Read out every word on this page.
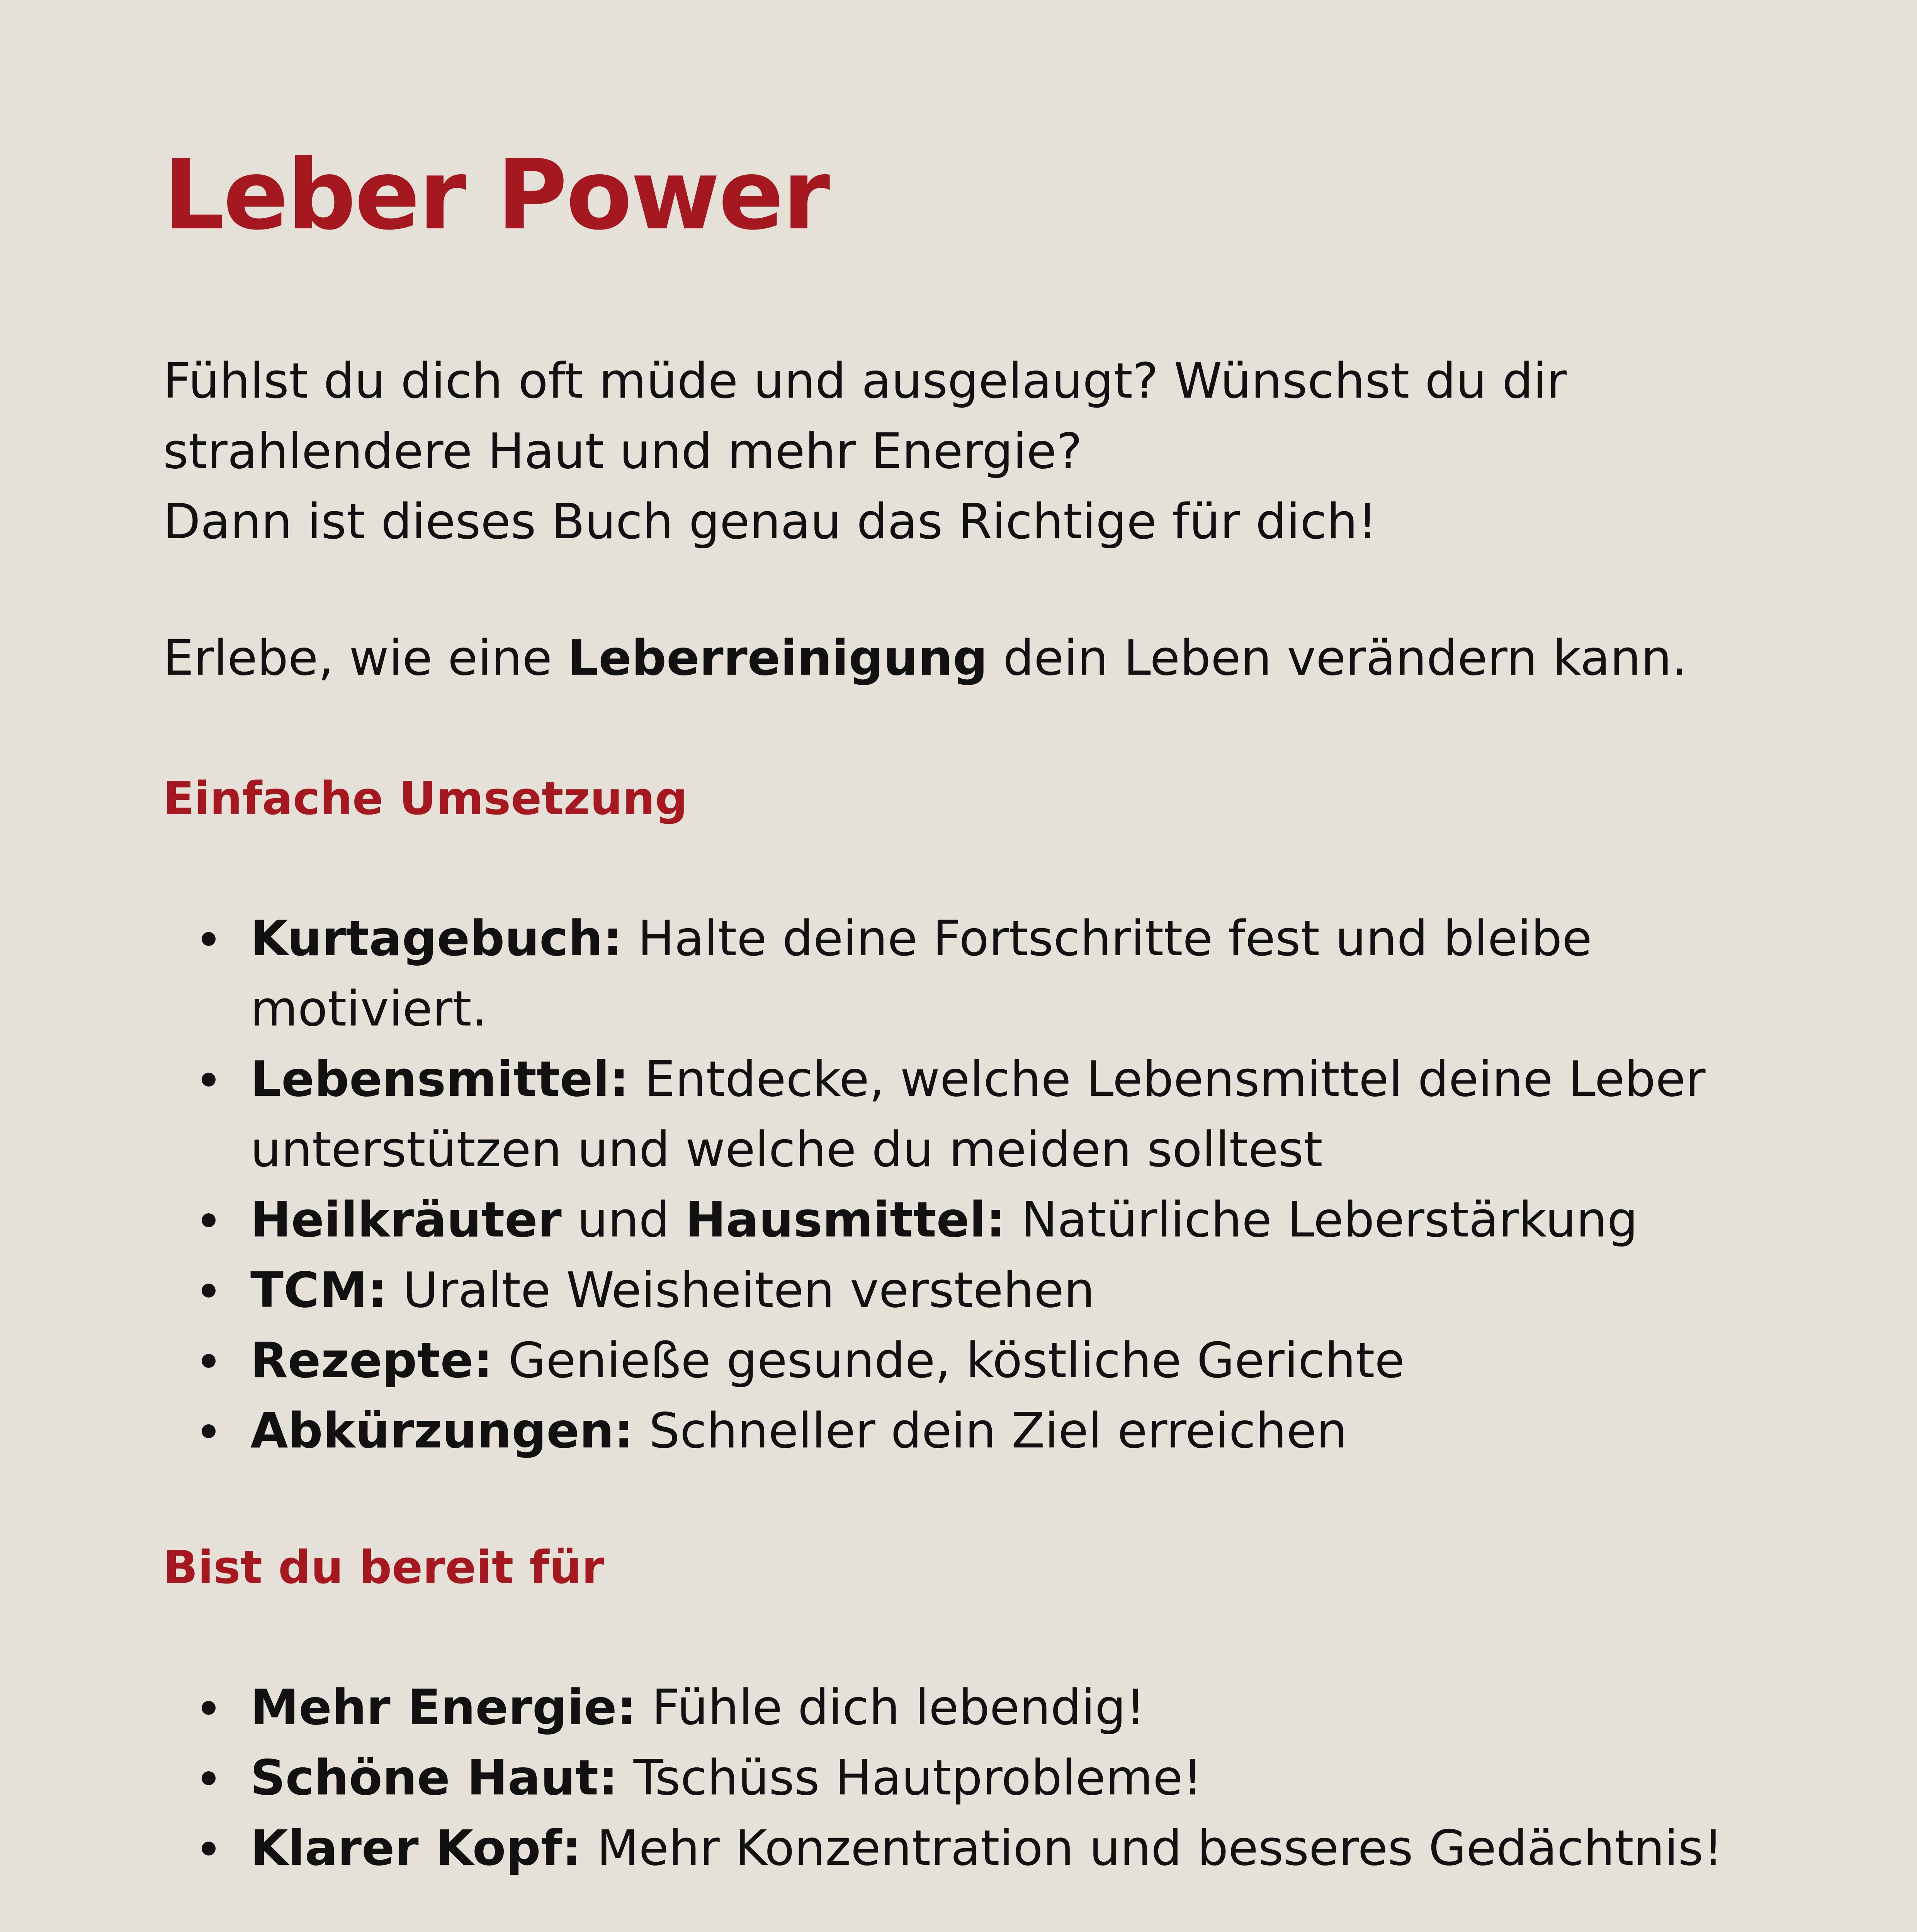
Leber Power
Fühlst du dich oft müde und ausgelaugt? Wünschst du dir
strahlendere Haut und mehr Energie?
Dann ist dieses Buch genau das Richtige für dich!
Erlebe, wie eine Leberreinigung dein Leben verändern kann.
Einfache Umsetzung
Kurtagebuch: Halte deine Fortschritte fest und bleibe
motiviert.
Lebensmittel: Entdecke, welche Lebensmittel deine Leber
unterstützen und welche du meiden solltest
Heilkräuter und Hausmittel: Natürliche Leberstärkung
TCM: Uralte Weisheiten verstehen
Rezepte: Genieße gesunde, köstliche Gerichte
Abkürzungen: Schneller dein Ziel erreichen
Bist du bereit für
Mehr Energie: Fühle dich lebendig!
Schöne Haut: Tschüss Hautprobleme!
Klarer Kopf: Mehr Konzentration und besseres Gedächtnis!
